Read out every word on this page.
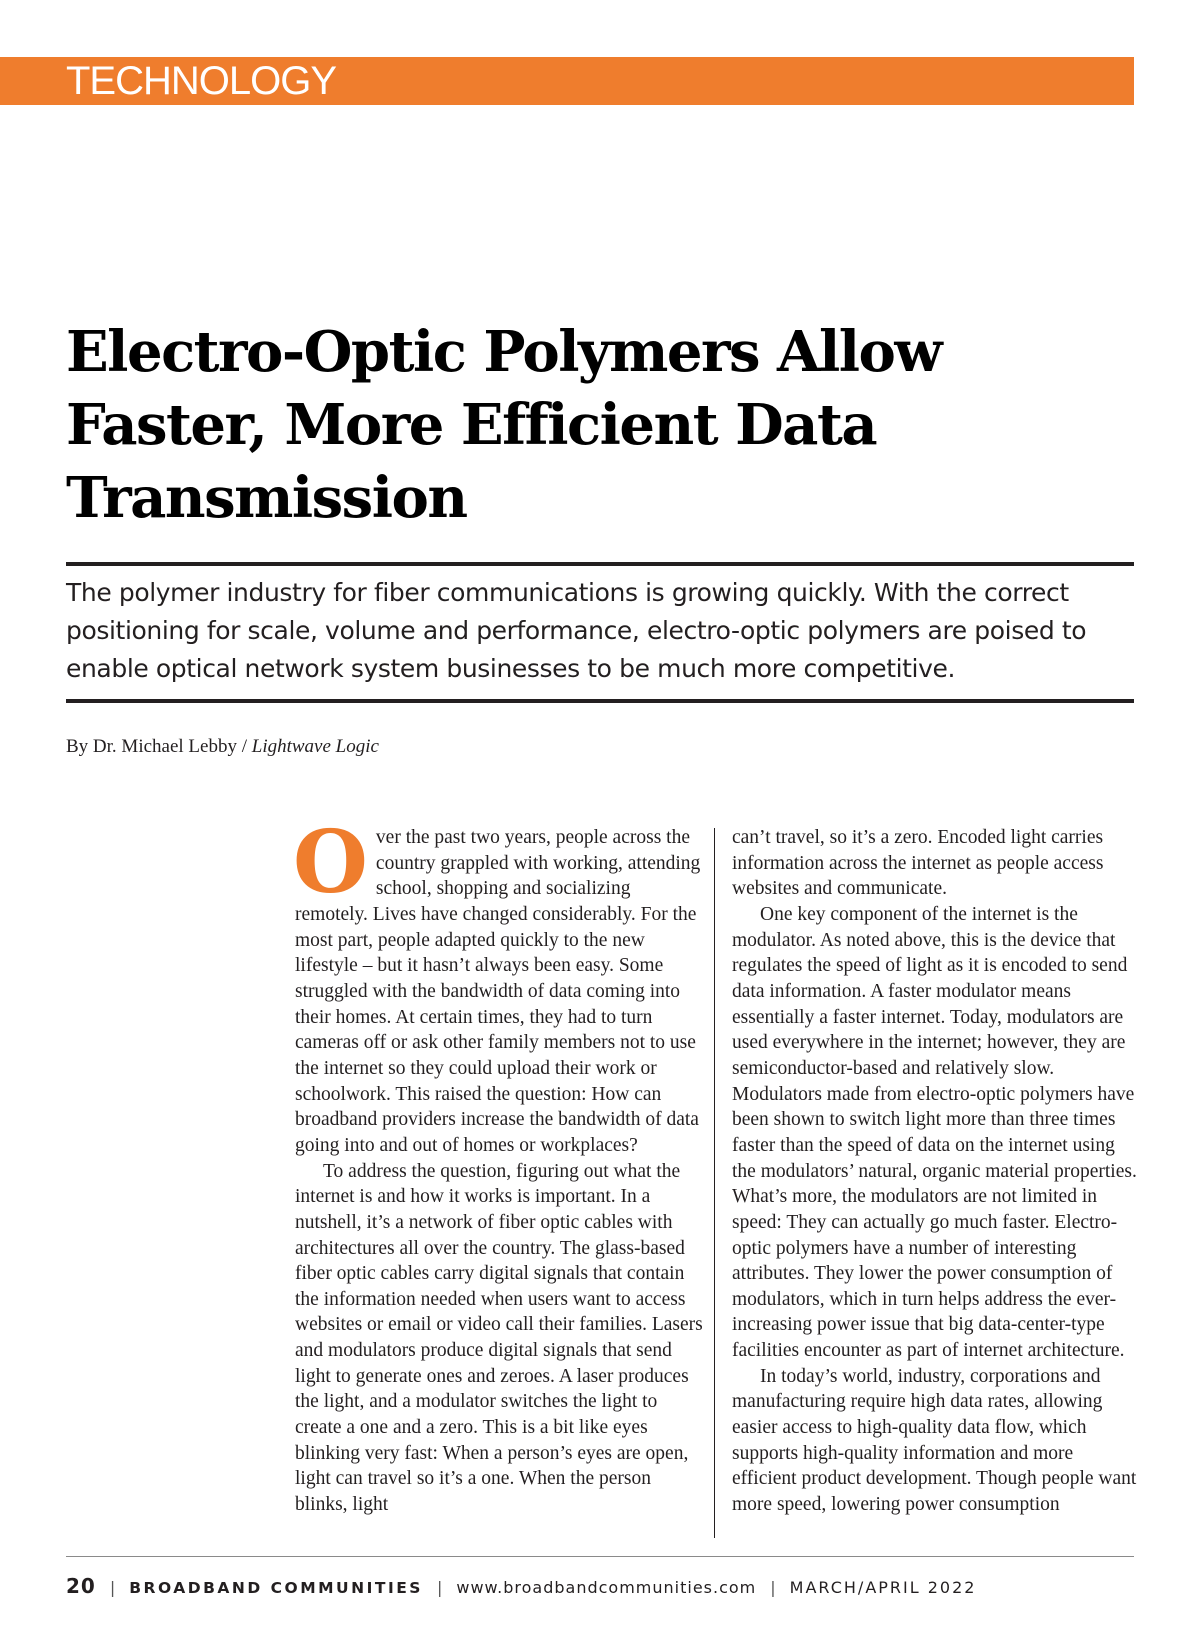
TECHNOLOGY
Electro-Optic Polymers Allow Faster, More Efficient Data Transmission

The polymer industry for fiber communications is growing quickly. With the correct positioning for scale, volume and performance, electro-optic polymers are poised to enable optical network system businesses to be much more competitive.

By Dr. Michael Lebby / Lightwave Logic

Over the past two years, people across the country grappled with working, attending school, shopping and socializing remotely. Lives have changed considerably. For the most part, people adapted quickly to the new lifestyle – but it hasn’t always been easy. Some struggled with the bandwidth of data coming into their homes. At certain times, they had to turn cameras off or ask other family members not to use the internet so they could upload their work or schoolwork. This raised the question: How can broadband providers increase the bandwidth of data going into and out of homes or workplaces?

To address the question, figuring out what the internet is and how it works is important. In a nutshell, it’s a network of fiber optic cables with architectures all over the country. The glass-based fiber optic cables carry digital signals that contain the information needed when users want to access websites or email or video call their families. Lasers and modulators produce digital signals that send light to generate ones and zeroes. A laser produces the light, and a modulator switches the light to create a one and a zero. This is a bit like eyes blinking very fast: When a person’s eyes are open, light can travel so it’s a one. When the person blinks, light

can’t travel, so it’s a zero. Encoded light carries information across the internet as people access websites and communicate.

One key component of the internet is the modulator. As noted above, this is the device that regulates the speed of light as it is encoded to send data information. A faster modulator means essentially a faster internet. Today, modulators are used everywhere in the internet; however, they are semiconductor-based and relatively slow. Modulators made from electro-optic polymers have been shown to switch light more than three times faster than the speed of data on the internet using the modulators’ natural, organic material properties. What’s more, the modulators are not limited in speed: They can actually go much faster. Electro-optic polymers have a number of interesting attributes. They lower the power consumption of modulators, which in turn helps address the ever-increasing power issue that big data-center-type facilities encounter as part of internet architecture.

In today’s world, industry, corporations and manufacturing require high data rates, allowing easier access to high-quality data flow, which supports high-quality information and more efficient product development. Though people want more speed, lowering power consumption

20 | BROADBAND COMMUNITIES | www.broadbandcommunities.com | MARCH/APRIL 2022
